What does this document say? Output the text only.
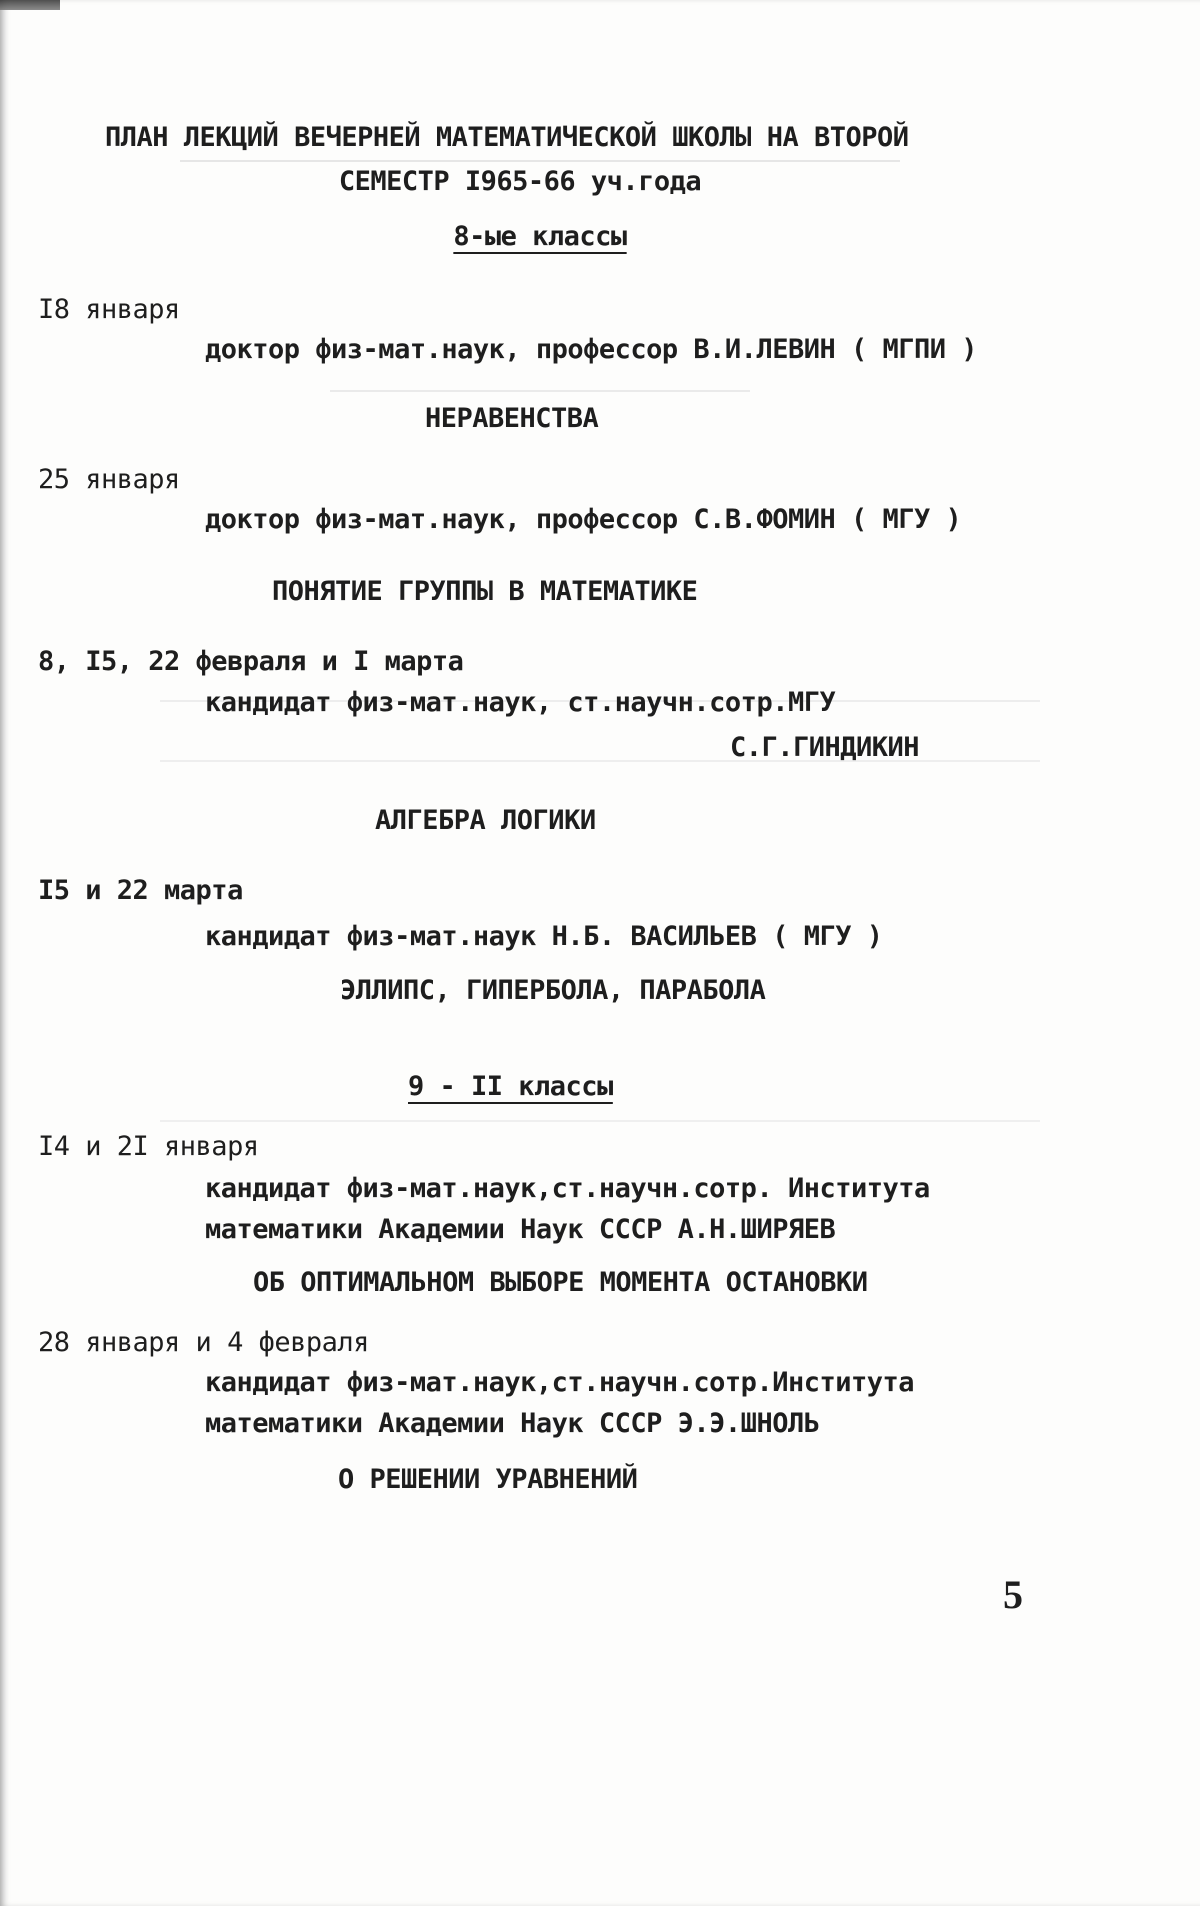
ПЛАН ЛЕКЦИЙ ВЕЧЕРНЕЙ МАТЕМАТИЧЕСКОЙ ШКОЛЫ НА ВТОРОЙ
СЕМЕСТР I965-66 уч.года
8-ые классы
I8 января
доктор физ-мат.наук, профессор В.И.ЛЕВИН ( МГПИ )
НЕРАВЕНСТВА
25 января
доктор физ-мат.наук, профессор С.В.ФОМИН ( МГУ )
ПОНЯТИЕ ГРУППЫ В МАТЕМАТИКЕ
8, I5, 22 февраля и I марта
кандидат физ-мат.наук, ст.научн.сотр.МГУ
С.Г.ГИНДИКИН
АЛГЕБРА ЛОГИКИ
I5 и 22 марта
кандидат физ-мат.наук Н.Б. ВАСИЛЬЕВ ( МГУ )
ЭЛЛИПС, ГИПЕРБОЛА, ПАРАБОЛА
9 - II классы
I4 и 2I января
кандидат физ-мат.наук,ст.научн.сотр. Института
математики Академии Наук СССР А.Н.ШИРЯЕВ
ОБ ОПТИМАЛЬНОМ ВЫБОРЕ МОМЕНТА ОСТАНОВКИ
28 января и 4 февраля
кандидат физ-мат.наук,ст.научн.сотр.Института
математики Академии Наук СССР Э.Э.ШНОЛЬ
О РЕШЕНИИ УРАВНЕНИЙ
5
